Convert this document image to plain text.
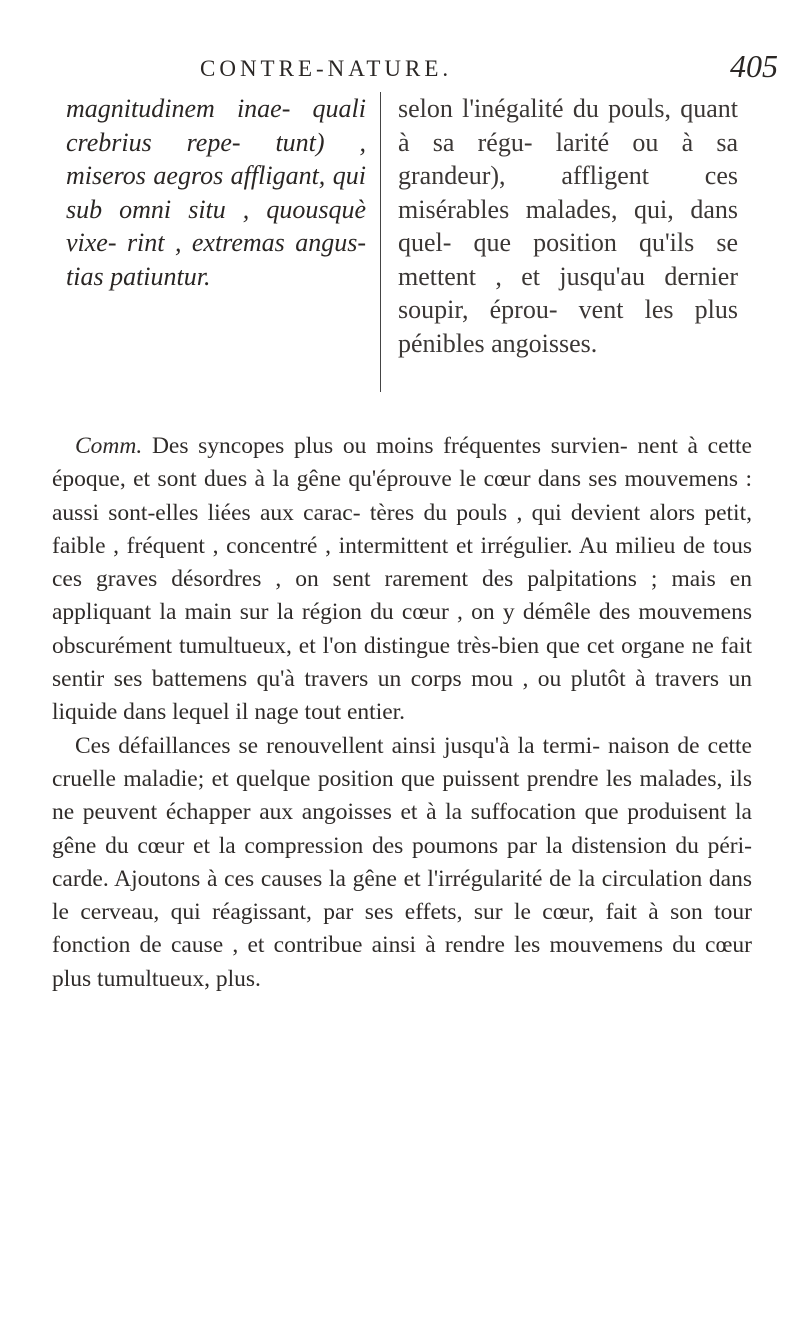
CONTRE-NATURE.	405

magnitudinem inae- quali crebrius repe- tunt) , miseros aegros affligant, qui sub omni situ , quousquè vixe- rint , extremas angus- tias patiuntur.

selon l'inégalité du pouls, quant à sa régu- larité ou à sa grandeur), affligent ces misérables malades, qui, dans quel- que position qu'ils se mettent , et jusqu'au dernier soupir, éprou- vent les plus pénibles angoisses.

Comm. Des syncopes plus ou moins fréquentes survien- nent à cette époque, et sont dues à la gêne qu'éprouve le cœur dans ses mouvemens : aussi sont-elles liées aux carac- tères du pouls , qui devient alors petit, faible , fréquent , concentré , intermittent et irrégulier. Au milieu de tous ces graves désordres , on sent rarement des palpitations ; mais en appliquant la main sur la région du cœur , on y démêle des mouvemens obscurément tumultueux, et l'on distingue très-bien que cet organe ne fait sentir ses battemens qu'à travers un corps mou , ou plutôt à travers un liquide dans lequel il nage tout entier.

Ces défaillances se renouvellent ainsi jusqu'à la termi- naison de cette cruelle maladie; et quelque position que puissent prendre les malades, ils ne peuvent échapper aux angoisses et à la suffocation que produisent la gêne du cœur et la compression des poumons par la distension du péri- carde. Ajoutons à ces causes la gêne et l'irrégularité de la circulation dans le cerveau, qui réagissant, par ses effets, sur le cœur, fait à son tour fonction de cause , et contribue ainsi à rendre les mouvemens du cœur plus tumultueux, plus.
